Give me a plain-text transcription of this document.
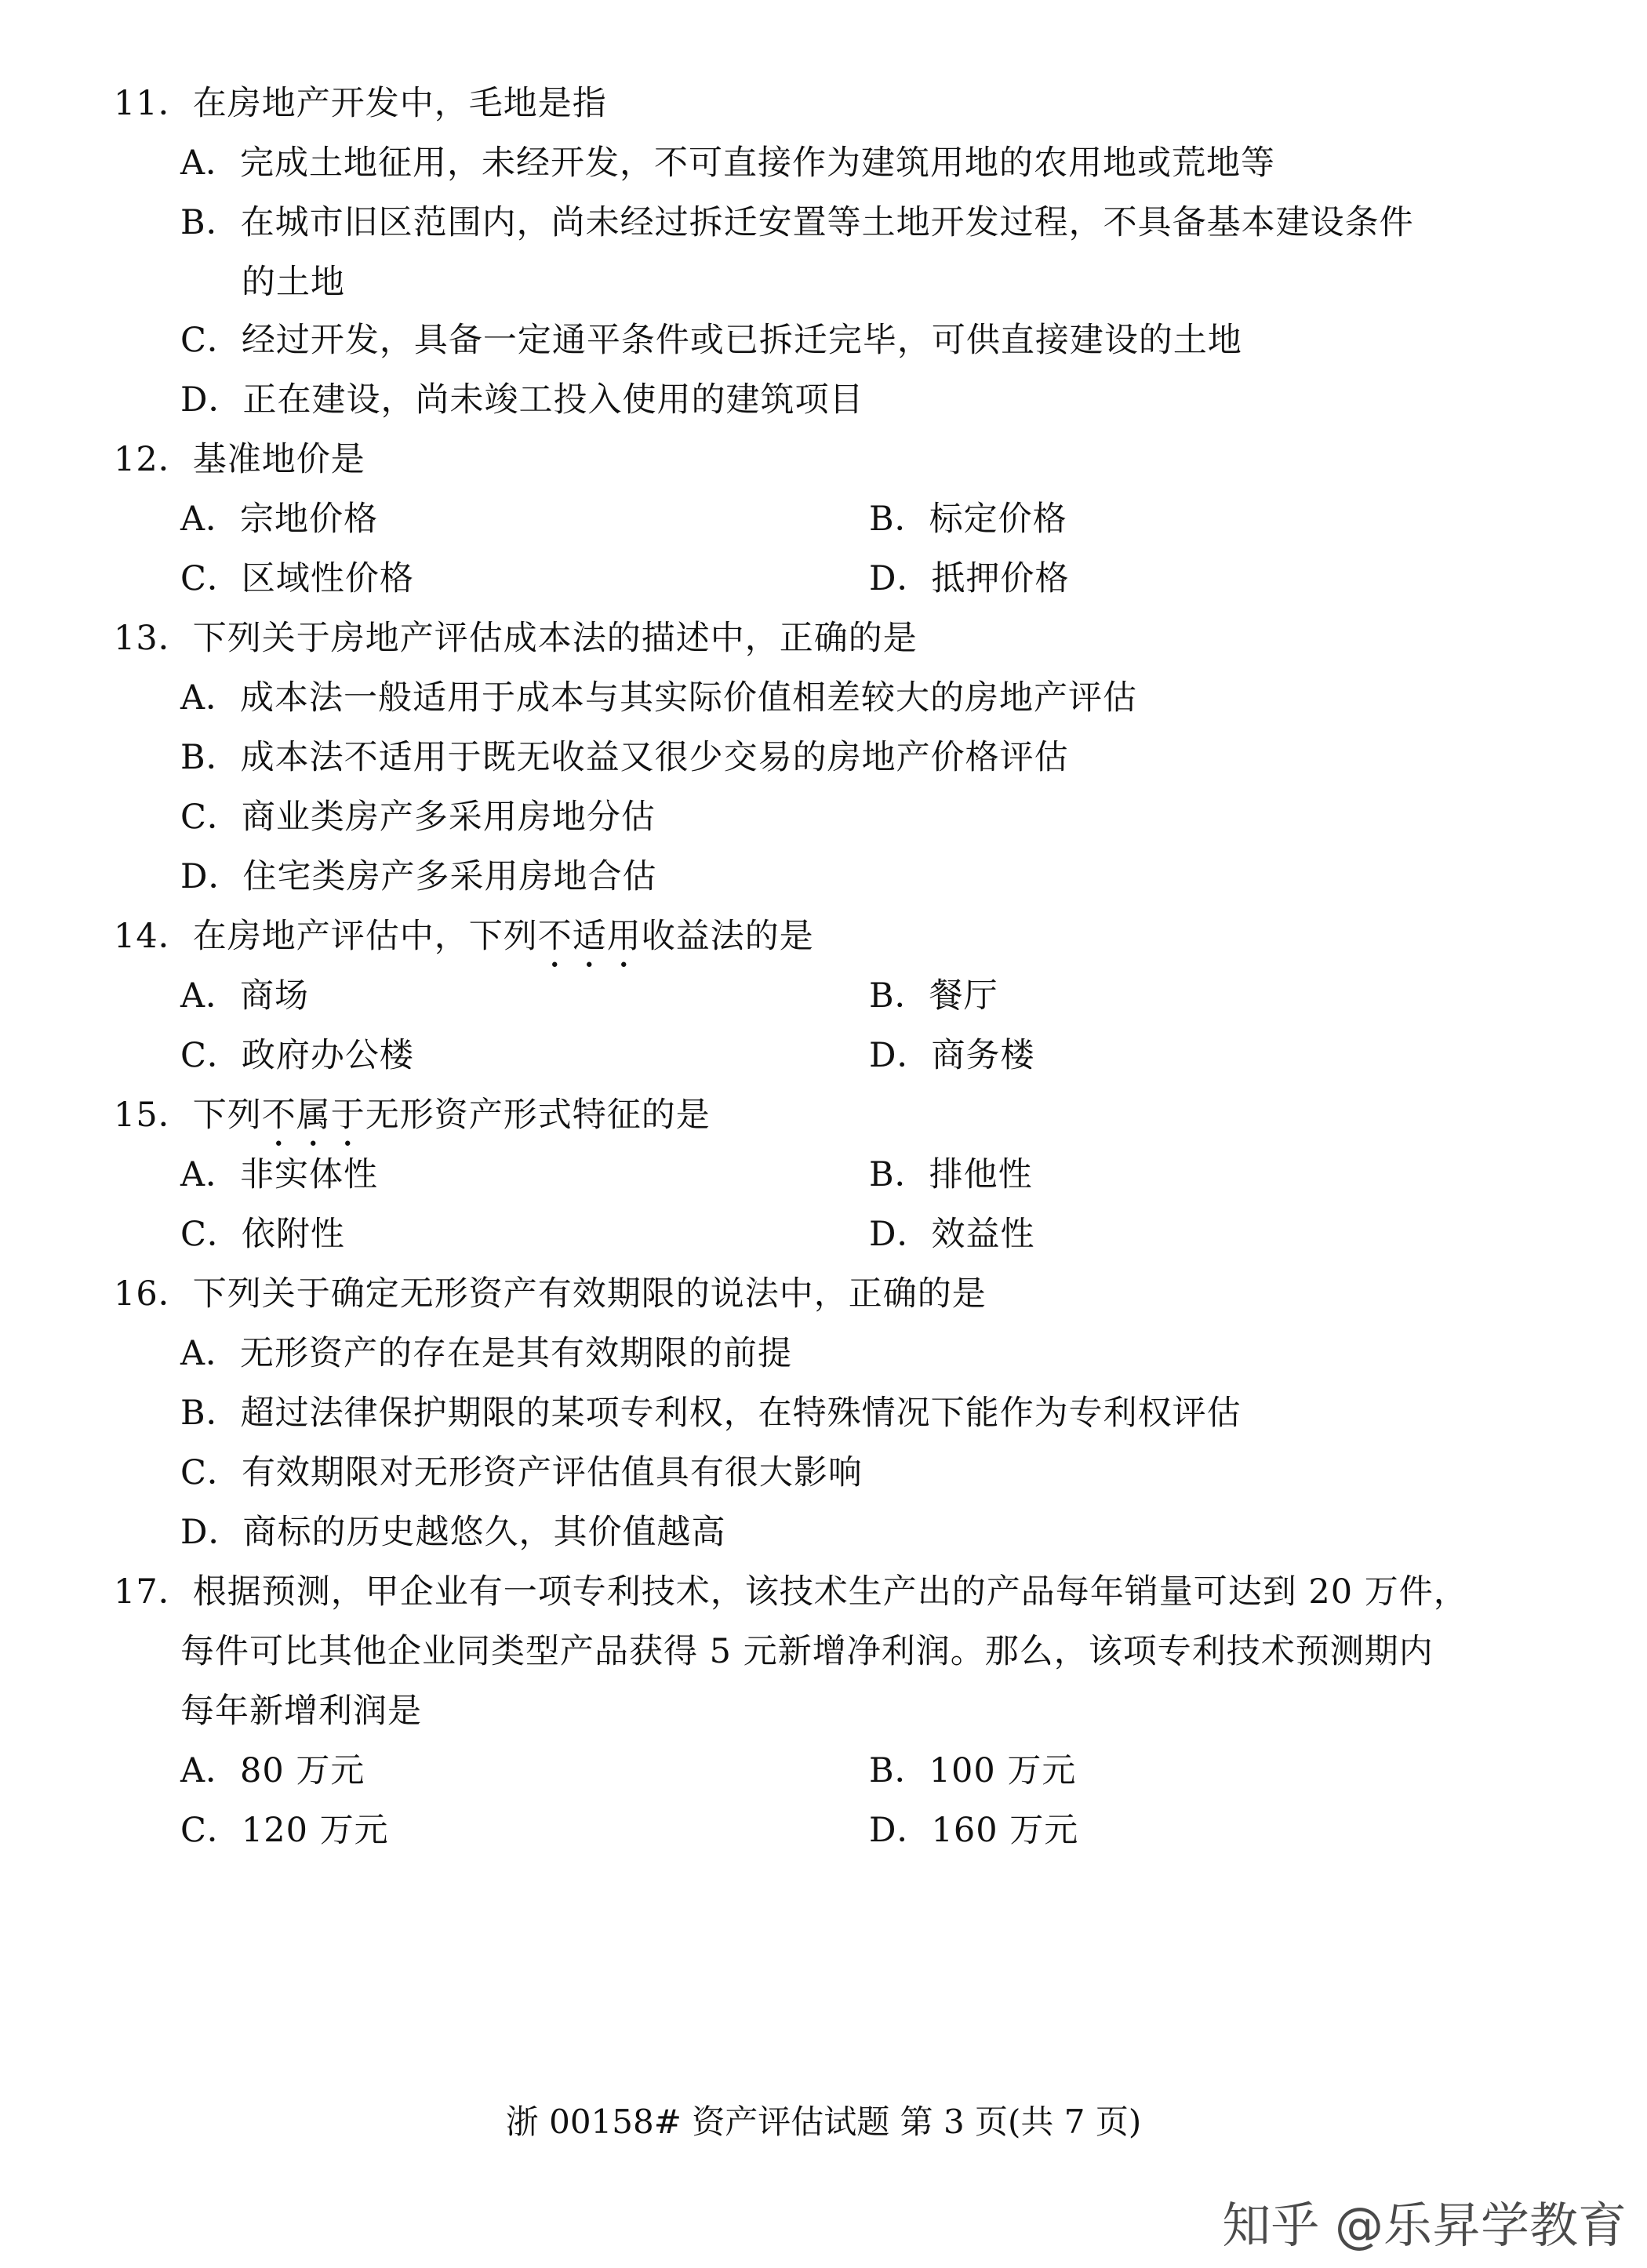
11．在房地产开发中，毛地是指
A．完成土地征用，未经开发，不可直接作为建筑用地的农用地或荒地等
B．在城市旧区范围内，尚未经过拆迁安置等土地开发过程，不具备基本建设条件
的土地
C．经过开发，具备一定通平条件或已拆迁完毕，可供直接建设的土地
D．正在建设，尚未竣工投入使用的建筑项目
12．基准地价是
A．宗地价格	B．标定价格
C．区域性价格	D．抵押价格
13．下列关于房地产评估成本法的描述中，正确的是
A．成本法一般适用于成本与其实际价值相差较大的房地产评估
B．成本法不适用于既无收益又很少交易的房地产价格评估
C．商业类房产多采用房地分估
D．住宅类房产多采用房地合估
14．在房地产评估中，下列不适用收益法的是
A．商场	B．餐厅
C．政府办公楼	D．商务楼
15．下列不属于无形资产形式特征的是
A．非实体性	B．排他性
C．依附性	D．效益性
16．下列关于确定无形资产有效期限的说法中，正确的是
A．无形资产的存在是其有效期限的前提
B．超过法律保护期限的某项专利权，在特殊情况下能作为专利权评估
C．有效期限对无形资产评估值具有很大影响
D．商标的历史越悠久，其价值越高
17．根据预测，甲企业有一项专利技术，该技术生产出的产品每年销量可达到 20 万件，
每件可比其他企业同类型产品获得 5 元新增净利润。那么，该项专利技术预测期内
每年新增利润是
A．80 万元	B．100 万元
C．120 万元	D．160 万元
浙 00158# 资产评估试题 第 3 页(共 7 页)
知乎 @乐昇学教育
